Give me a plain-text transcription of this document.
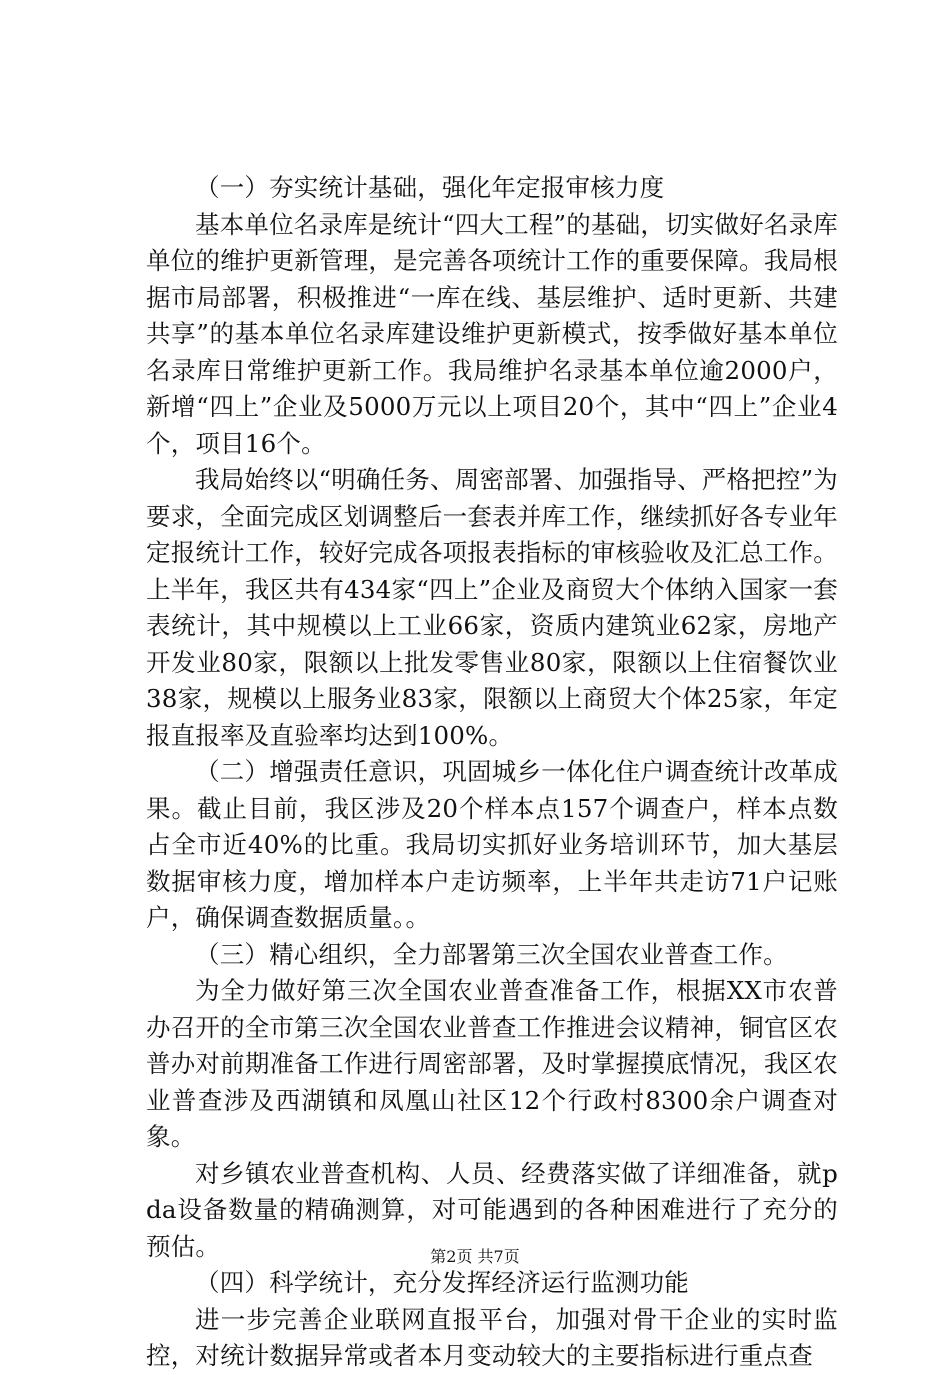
（一）夯实统计基础，强化年定报审核力度

基本单位名录库是统计“四大工程”的基础，切实做好名录库单位的维护更新管理，是完善各项统计工作的重要保障。我局根据市局部署，积极推进“一库在线、基层维护、适时更新、共建共享”的基本单位名录库建设维护更新模式，按季做好基本单位名录库日常维护更新工作。我局维护名录基本单位逾2000户，新增“四上”企业及5000万元以上项目20个，其中“四上”企业4个，项目16个。

我局始终以“明确任务、周密部署、加强指导、严格把控”为要求，全面完成区划调整后一套表并库工作，继续抓好各专业年定报统计工作，较好完成各项报表指标的审核验收及汇总工作。上半年，我区共有434家“四上”企业及商贸大个体纳入国家一套表统计，其中规模以上工业66家，资质内建筑业62家，房地产开发业80家，限额以上批发零售业80家，限额以上住宿餐饮业38家，规模以上服务业83家，限额以上商贸大个体25家，年定报直报率及直验率均达到100%。

（二）增强责任意识，巩固城乡一体化住户调查统计改革成果。截止目前，我区涉及20个样本点157个调查户，样本点数占全市近40%的比重。我局切实抓好业务培训环节，加大基层数据审核力度，增加样本户走访频率，上半年共走访71户记账户，确保调查数据质量。。

（三）精心组织，全力部署第三次全国农业普查工作。

为全力做好第三次全国农业普查准备工作，根据XX市农普办召开的全市第三次全国农业普查工作推进会议精神，铜官区农普办对前期准备工作进行周密部署，及时掌握摸底情况，我区农业普查涉及西湖镇和凤凰山社区12个行政村8300余户调查对象。

对乡镇农业普查机构、人员、经费落实做了详细准备，就pda设备数量的精确测算，对可能遇到的各种困难进行了充分的预估。

（四）科学统计，充分发挥经济运行监测功能

进一步完善企业联网直报平台，加强对骨干企业的实时监控，对统计数据异常或者本月变动较大的主要指标进行重点查

第2页 共7页
